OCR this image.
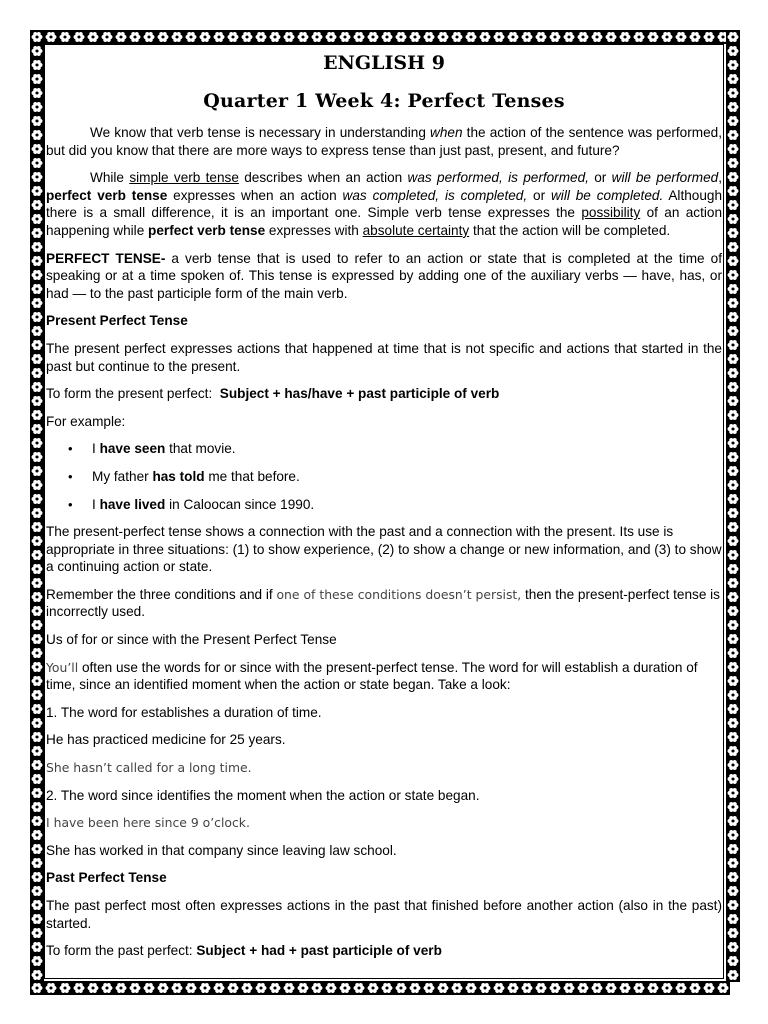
ENGLISH 9
Quarter 1 Week 4: Perfect Tenses

We know that verb tense is necessary in understanding when the action of the sentence was performed, but did you know that there are more ways to express tense than just past, present, and future?

While simple verb tense describes when an action was performed, is performed, or will be performed, perfect verb tense expresses when an action was completed, is completed, or will be completed. Although there is a small difference, it is an important one. Simple verb tense expresses the possibility of an action happening while perfect verb tense expresses with absolute certainty that the action will be completed.

PERFECT TENSE- a verb tense that is used to refer to an action or state that is completed at the time of speaking or at a time spoken of. This tense is expressed by adding one of the auxiliary verbs — have, has, or had — to the past participle form of the main verb.

Present Perfect Tense

The present perfect expresses actions that happened at time that is not specific and actions that started in the past but continue to the present.

To form the present perfect:  Subject + has/have + past participle of verb

For example:

• I have seen that movie.
• My father has told me that before.
• I have lived in Caloocan since 1990.

The present-perfect tense shows a connection with the past and a connection with the present. Its use is appropriate in three situations: (1) to show experience, (2) to show a change or new information, and (3) to show a continuing action or state.

Remember the three conditions and if one of these conditions doesn’t persist, then the present-perfect tense is incorrectly used.

Us of for or since with the Present Perfect Tense

You’ll often use the words for or since with the present-perfect tense. The word for will establish a duration of time, since an identified moment when the action or state began. Take a look:

1. The word for establishes a duration of time.

He has practiced medicine for 25 years.

She hasn’t called for a long time.

2. The word since identifies the moment when the action or state began.

I have been here since 9 o’clock.

She has worked in that company since leaving law school.

Past Perfect Tense

The past perfect most often expresses actions in the past that finished before another action (also in the past) started.

To form the past perfect: Subject + had + past participle of verb
